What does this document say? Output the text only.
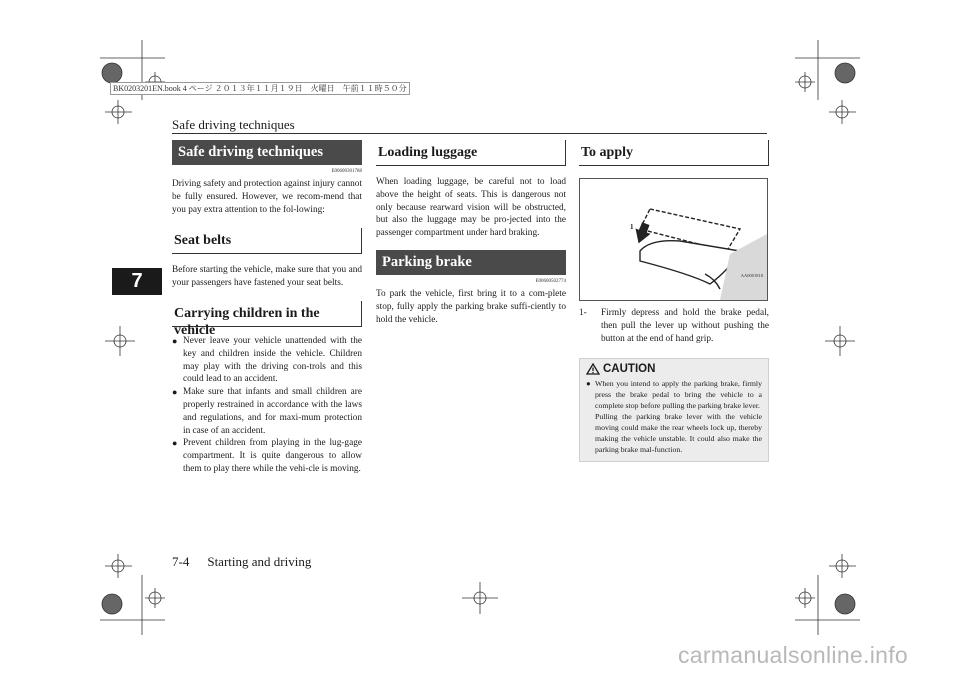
BK0203201EN.book 4 ページ ２０１３年１１月１９日　火曜日　午前１１時５０分
Safe driving techniques
7
Safe driving techniques
E00600301788

Driving safety and protection against injury cannot be fully ensured. However, we recom-mend that you pay extra attention to the fol-lowing:

Seat belts

Before starting the vehicle, make sure that you and your passengers have fastened your seat belts.

Carrying children in the vehicle
● Never leave your vehicle unattended with the key and children inside the vehicle. Children may play with the driving con-trols and this could lead to an accident.
● Make sure that infants and small children are properly restrained in accordance with the laws and regulations, and for maxi-mum protection in case of an accident.
● Prevent children from playing in the lug-gage compartment. It is quite dangerous to allow them to play there while the vehi-cle is moving.
Loading luggage

When loading luggage, be careful not to load above the height of seats. This is dangerous not only because rearward vision will be obstructed, but also the luggage may be pro-jected into the passenger compartment under hard braking.

Parking brake
E00600502774

To park the vehicle, first bring it to a com-plete stop, fully apply the parking brake suffi-ciently to hold the vehicle.

To apply
1
AA0001818
1-	Firmly depress and hold the brake pedal, then pull the lever up without pushing the button at the end of hand grip.
CAUTION
● When you intend to apply the parking brake, firmly press the brake pedal to bring the vehicle to a complete stop before pulling the parking brake lever.

Pulling the parking brake lever with the vehicle moving could make the rear wheels lock up, thereby making the vehicle unstable. It could also make the parking brake mal-function.

7-4 Starting and driving
carmanualsonline.info
